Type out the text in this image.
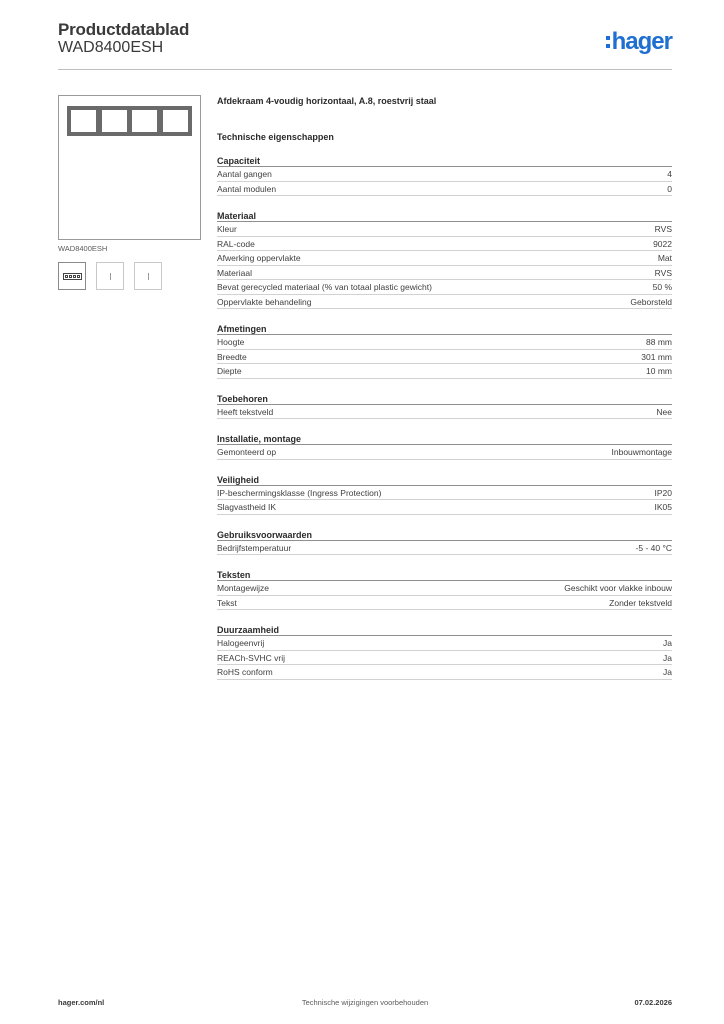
Productdatablad
WAD8400ESH	hager
WAD8400ESH
Afdekraam 4-voudig horizontaal, A.8, roestvrij staal
Technische eigenschappen
Capaciteit
Aantal gangen	4
Aantal modulen	0
Materiaal
Kleur	RVS
RAL-code	9022
Afwerking oppervlakte	Mat
Materiaal	RVS
Bevat gerecycled materiaal (% van totaal plastic gewicht)	50 %
Oppervlakte behandeling	Geborsteld
Afmetingen
Hoogte	88 mm
Breedte	301 mm
Diepte	10 mm
Toebehoren
Heeft tekstveld	Nee
Installatie, montage
Gemonteerd op	Inbouwmontage
Veiligheid
IP-beschermingsklasse (Ingress Protection)	IP20
Slagvastheid IK	IK05
Gebruiksvoorwaarden
Bedrijfstemperatuur	-5 - 40 °C
Teksten
Montagewijze	Geschikt voor vlakke inbouw
Tekst	Zonder tekstveld
Duurzaamheid
Halogeenvrij	Ja
REACh-SVHC vrij	Ja
RoHS conform	Ja
hager.com/nl	Technische wijzigingen voorbehouden	07.02.2026
